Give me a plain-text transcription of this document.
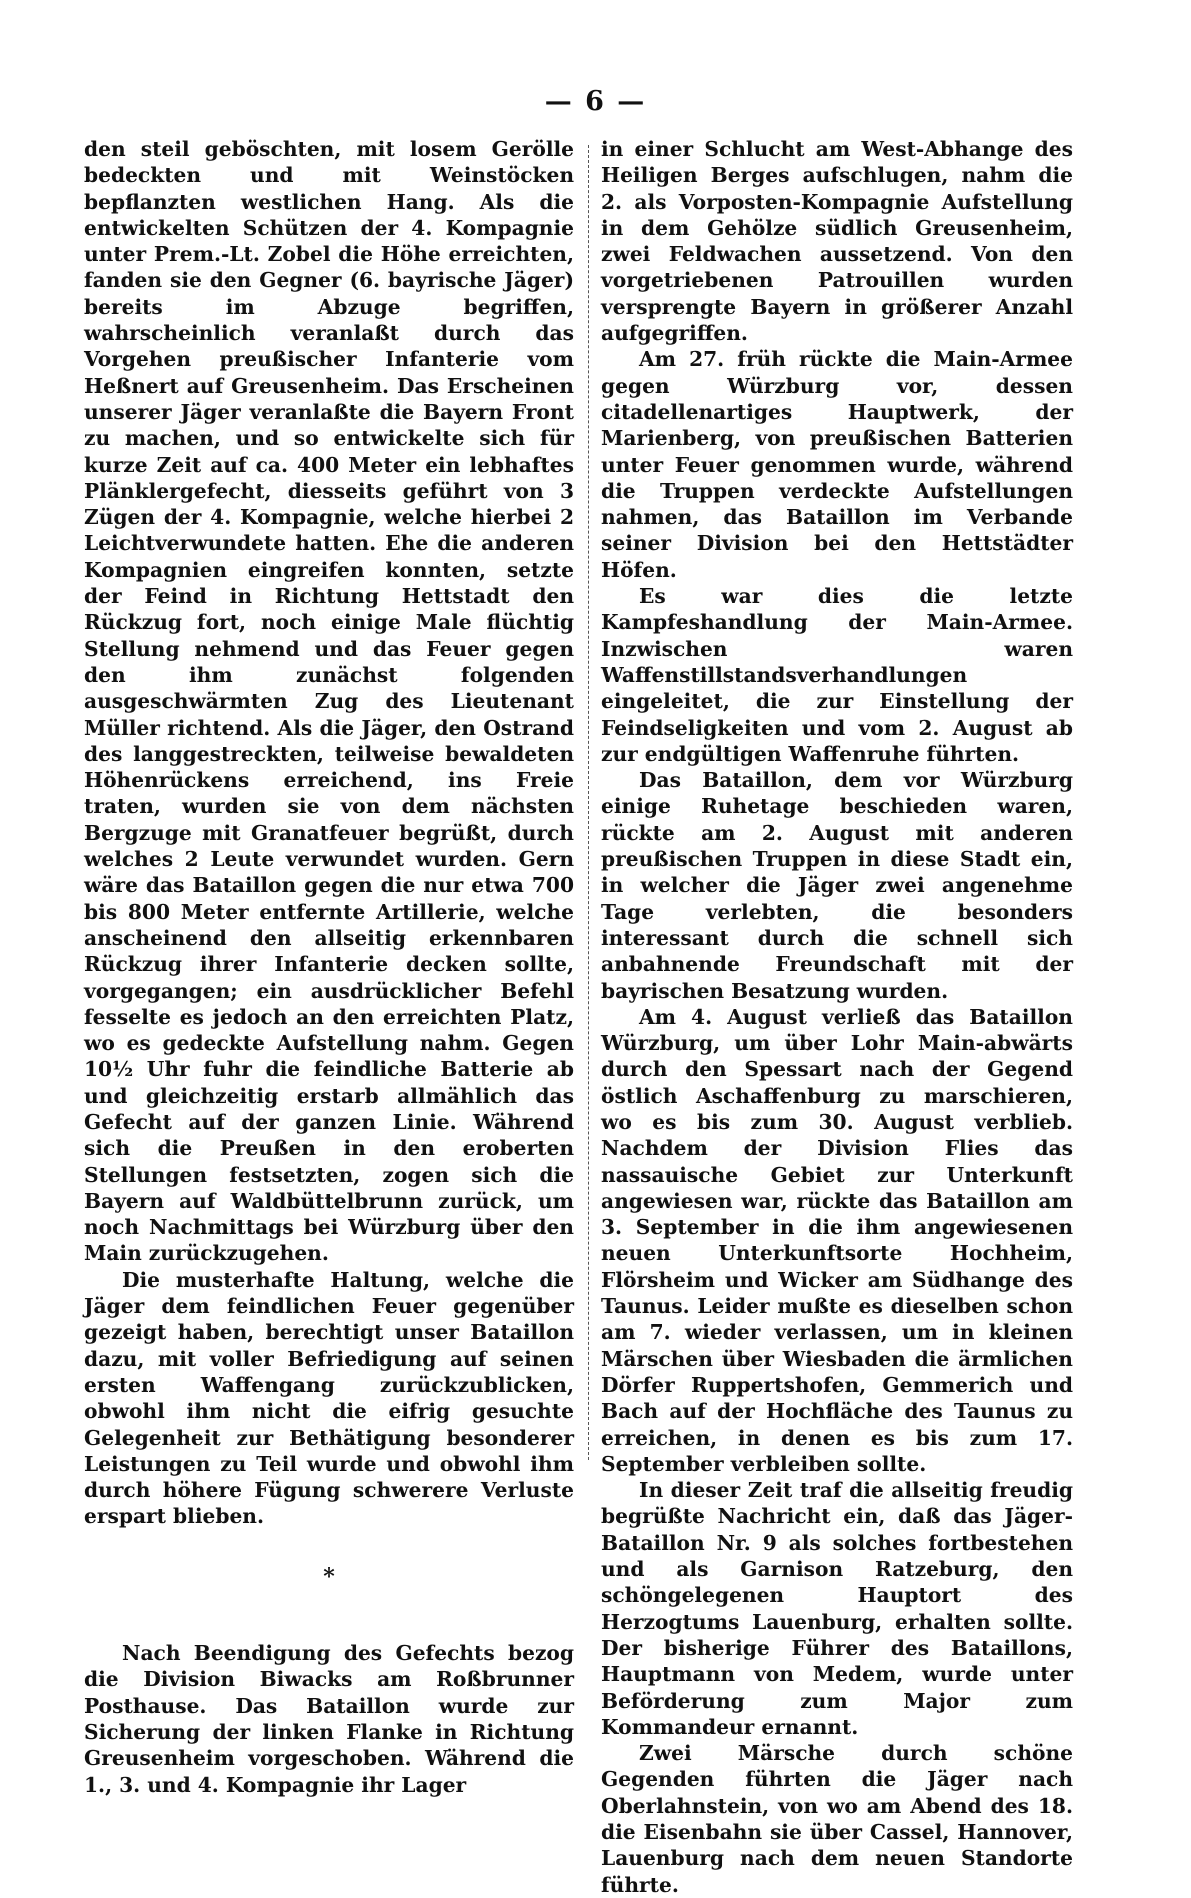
— 6 —

den steil geböschten, mit losem Gerölle bedeckten und mit Weinstöcken bepflanzten westlichen Hang. Als die entwickelten Schützen der 4. Kompagnie unter Prem.-Lt. Zobel die Höhe erreichten, fanden sie den Gegner (6. bayrische Jäger) bereits im Abzuge begriffen, wahrscheinlich veranlaßt durch das Vorgehen preußischer Infanterie vom Heßnert auf Greusenheim. Das Erscheinen unserer Jäger veranlaßte die Bayern Front zu machen, und so entwickelte sich für kurze Zeit auf ca. 400 Meter ein lebhaftes Plänklergefecht, diesseits geführt von 3 Zügen der 4. Kompagnie, welche hierbei 2 Leichtverwundete hatten. Ehe die anderen Kompagnien eingreifen konnten, setzte der Feind in Richtung Hettstadt den Rückzug fort, noch einige Male flüchtig Stellung nehmend und das Feuer gegen den ihm zunächst folgenden ausgeschwärmten Zug des Lieutenant Müller richtend. Als die Jäger, den Ostrand des langgestreckten, teilweise bewaldeten Höhenrückens erreichend, ins Freie traten, wurden sie von dem nächsten Bergzuge mit Granatfeuer begrüßt, durch welches 2 Leute verwundet wurden. Gern wäre das Bataillon gegen die nur etwa 700 bis 800 Meter entfernte Artillerie, welche anscheinend den allseitig erkennbaren Rückzug ihrer Infanterie decken sollte, vorgegangen; ein ausdrücklicher Befehl fesselte es jedoch an den erreichten Platz, wo es gedeckte Aufstellung nahm. Gegen 10½ Uhr fuhr die feindliche Batterie ab und gleichzeitig erstarb allmählich das Gefecht auf der ganzen Linie. Während sich die Preußen in den eroberten Stellungen festsetzten, zogen sich die Bayern auf Waldbüttelbrunn zurück, um noch Nachmittags bei Würzburg über den Main zurückzugehen.

Die musterhafte Haltung, welche die Jäger dem feindlichen Feuer gegenüber gezeigt haben, berechtigt unser Bataillon dazu, mit voller Befriedigung auf seinen ersten Waffengang zurückzublicken, obwohl ihm nicht die eifrig gesuchte Gelegenheit zur Bethätigung besonderer Leistungen zu Teil wurde und obwohl ihm durch höhere Fügung schwerere Verluste erspart blieben.

*

Nach Beendigung des Gefechts bezog die Division Biwacks am Roßbrunner Posthause. Das Bataillon wurde zur Sicherung der linken Flanke in Richtung Greusenheim vorgeschoben. Während die 1., 3. und 4. Kompagnie ihr Lager

in einer Schlucht am West-Abhange des Heiligen Berges aufschlugen, nahm die 2. als Vorposten-Kompagnie Aufstellung in dem Gehölze südlich Greusenheim, zwei Feldwachen aussetzend. Von den vorgetriebenen Patrouillen wurden versprengte Bayern in größerer Anzahl aufgegriffen.

Am 27. früh rückte die Main-Armee gegen Würzburg vor, dessen citadellenartiges Hauptwerk, der Marienberg, von preußischen Batterien unter Feuer genommen wurde, während die Truppen verdeckte Aufstellungen nahmen, das Bataillon im Verbande seiner Division bei den Hettstädter Höfen.

Es war dies die letzte Kampfeshandlung der Main-Armee. Inzwischen waren Waffenstillstandsverhandlungen eingeleitet, die zur Einstellung der Feindseligkeiten und vom 2. August ab zur endgültigen Waffenruhe führten.

Das Bataillon, dem vor Würzburg einige Ruhetage beschieden waren, rückte am 2. August mit anderen preußischen Truppen in diese Stadt ein, in welcher die Jäger zwei angenehme Tage verlebten, die besonders interessant durch die schnell sich anbahnende Freundschaft mit der bayrischen Besatzung wurden.

Am 4. August verließ das Bataillon Würzburg, um über Lohr Main-abwärts durch den Spessart nach der Gegend östlich Aschaffenburg zu marschieren, wo es bis zum 30. August verblieb. Nachdem der Division Flies das nassauische Gebiet zur Unterkunft angewiesen war, rückte das Bataillon am 3. September in die ihm angewiesenen neuen Unterkunftsorte Hochheim, Flörsheim und Wicker am Südhange des Taunus. Leider mußte es dieselben schon am 7. wieder verlassen, um in kleinen Märschen über Wiesbaden die ärmlichen Dörfer Ruppertshofen, Gemmerich und Bach auf der Hochfläche des Taunus zu erreichen, in denen es bis zum 17. September verbleiben sollte.

In dieser Zeit traf die allseitig freudig begrüßte Nachricht ein, daß das Jäger-Bataillon Nr. 9 als solches fortbestehen und als Garnison Ratzeburg, den schöngelegenen Hauptort des Herzogtums Lauenburg, erhalten sollte. Der bisherige Führer des Bataillons, Hauptmann von Medem, wurde unter Beförderung zum Major zum Kommandeur ernannt.

Zwei Märsche durch schöne Gegenden führten die Jäger nach Oberlahnstein, von wo am Abend des 18. die Eisenbahn sie über Cassel, Hannover, Lauenburg nach dem neuen Standorte führte.
